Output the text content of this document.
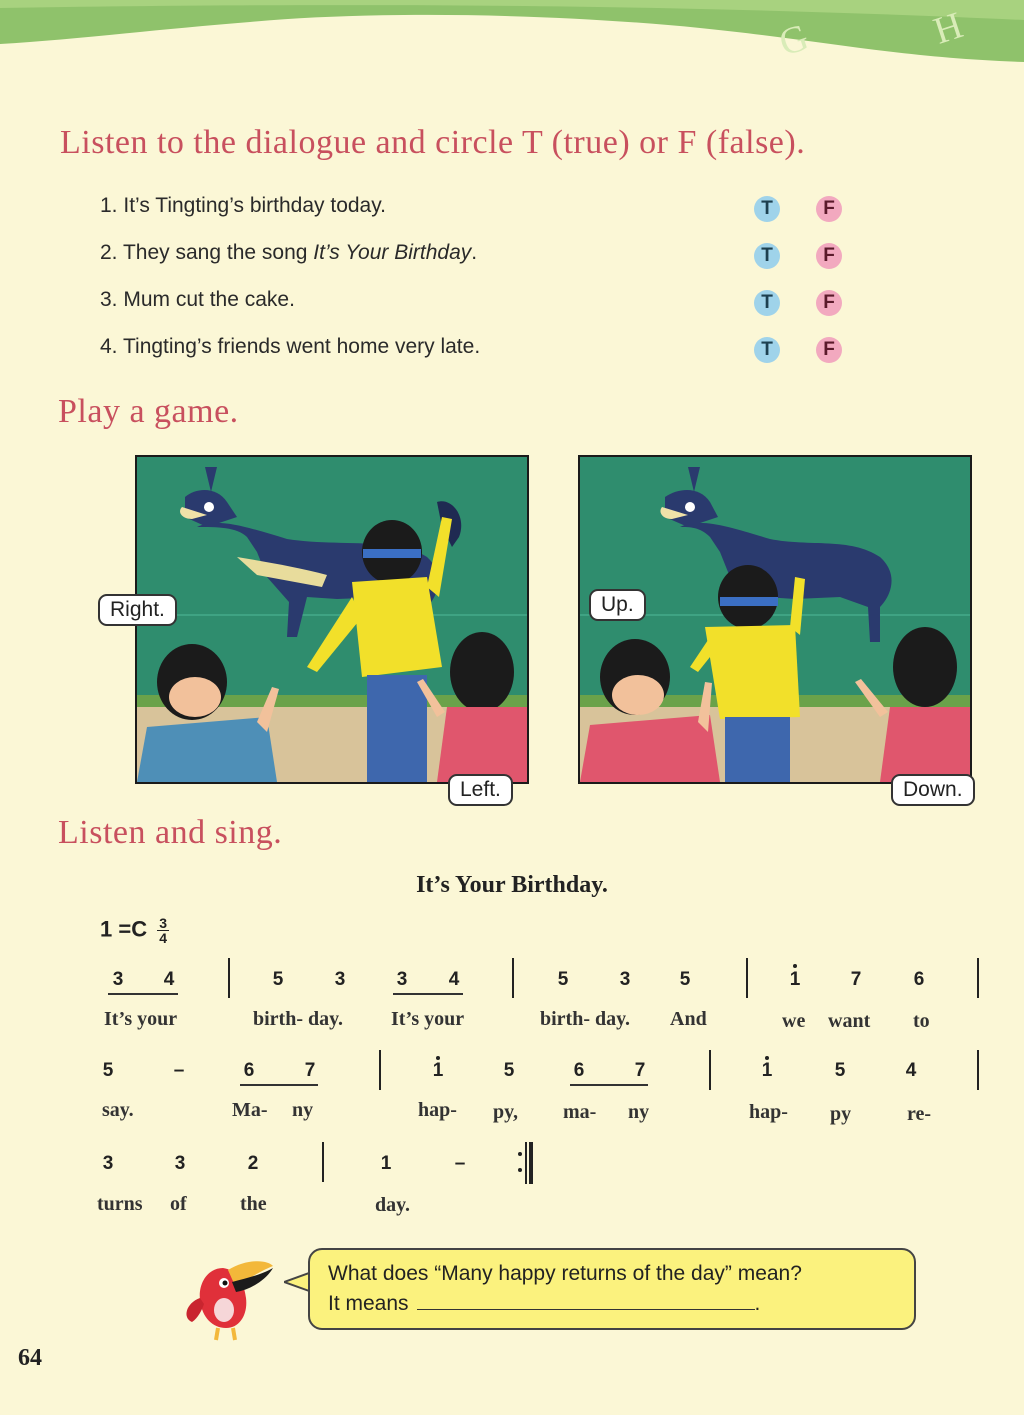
G	H
Listen to the dialogue and circle T (true) or F (false).
1. It’s Tingting’s birthday today.	T	F
2. They sang the song It’s Your Birthday.	T	F
3. Mum cut the cake.	T	F
4. Tingting’s friends went home very late.	T	F
Play a game.
Right.
Left.
Up.
Down.
Listen and sing.
It’s Your Birthday.
$1 =C \frac{3}{4}$
3	4	5	3	3	4	5	3	5	1	7	6
It’s your	birth- day. It’s your	birth- day. And	we want to
5	–	6	7	1	5	6	7	1	5	4
say.	Ma- ny	hap- py, ma- ny	hap- py	re-
3	3	2	1	–
turns of	the	day.
What does “Many happy returns of the day” mean?
It means	.
64
